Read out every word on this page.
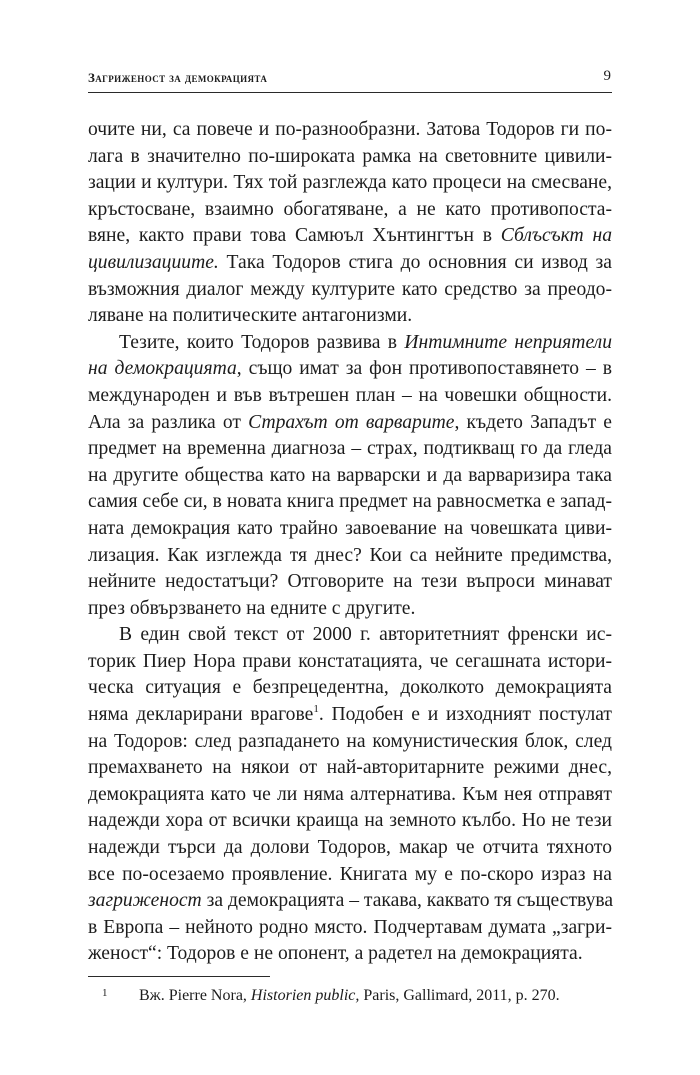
Загриженост за демокрацията	9
очите ни, са повече и по-разнообразни. Затова Тодоров ги по-
лага в значително по-широката рамка на световните цивили-
зации и култури. Тях той разглежда като процеси на смесване,
кръстосване, взаимно обогатяване, а не като противопоста-
вяне, както прави това Самюъл Хънтингтън в Сблъсъкт на
цивилизациите. Така Тодоров стига до основния си извод за
възможния диалог между културите като средство за преодо-
ляване на политическите антагонизми.
Тезите, които Тодоров развива в Интимните неприятели
на демокрацията, също имат за фон противопоставянето – в
международен и във вътрешен план – на човешки общности.
Ала за разлика от Страхът от варварите, където Западът е
предмет на временна диагноза – страх, подтикващ го да гледа
на другите общества като на варварски и да варваризира така
самия себе си, в новата книга предмет на равносметка е запад-
ната демокрация като трайно завоевание на човешката циви-
лизация. Как изглежда тя днес? Кои са нейните предимства,
нейните недостатъци? Отговорите на тези въпроси минават
през обвързването на едните с другите.
В един свой текст от 2000 г. авторитетният френски ис-
торик Пиер Нора прави констатацията, че сегашната истори-
ческа ситуация е безпрецедентна, доколкото демокрацията
няма декларирани врагове$^1$. Подобен е и изходният постулат
на Тодоров: след разпадането на комунистическия блок, след
премахването на някои от най-авторитарните режими днес,
демокрацията като че ли няма алтернатива. Към нея отправят
надежди хора от всички краища на земното кълбо. Но не тези
надежди търси да долови Тодоров, макар че отчита тяхното
все по-осезаемо проявление. Книгата му е по-скоро израз на
загриженост за демокрацията – такава, каквато тя съществува
в Европа – нейното родно място. Подчертавам думата „загри-
женост“: Тодоров е не опонент, а радетел на демокрацията.
1 Вж. Pierre Nora, Historien public, Paris, Gallimard, 2011, p. 270.
